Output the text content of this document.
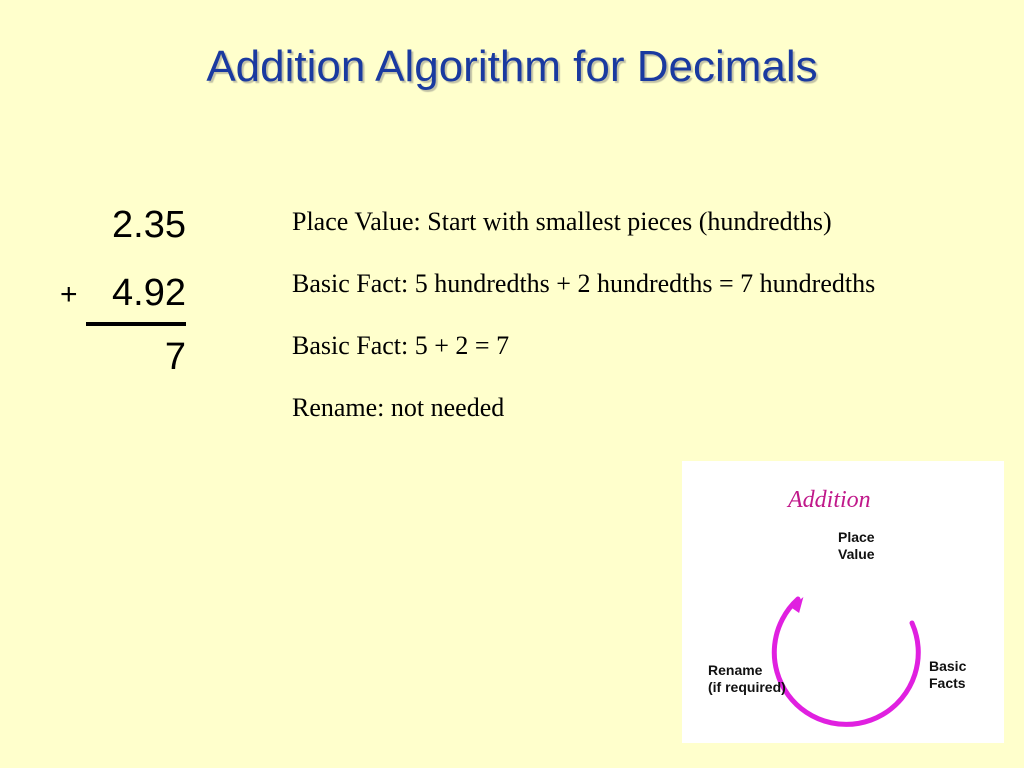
Addition Algorithm for Decimals
2.35
+ 4.92
7

Place Value: Start with smallest pieces (hundredths)

Basic Fact: 5 hundredths + 2 hundredths = 7 hundredths

Basic Fact: 5 + 2 = 7

Rename: not needed

Addition
Place
Value
Basic
Facts
Rename
(if required)
